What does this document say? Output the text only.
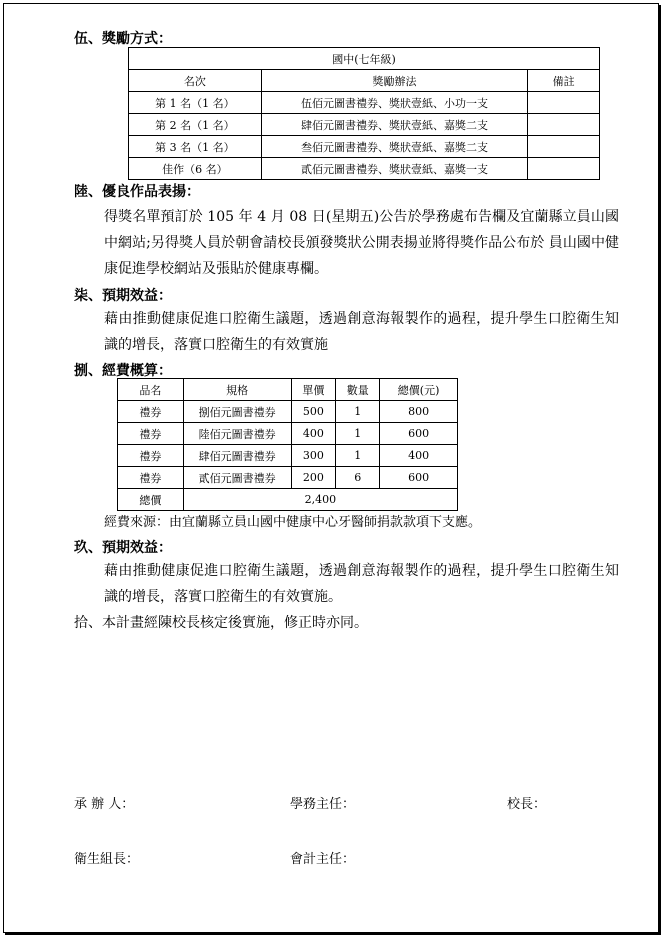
伍、獎勵方式：
國中(七年級)		
名次	獎勵辦法	備註
第 1 名（1 名）	伍佰元圖書禮券、獎狀壹紙、小功一支	
第 2 名（1 名）	肆佰元圖書禮券、獎狀壹紙、嘉獎二支	
第 3 名（1 名）	叁佰元圖書禮券、獎狀壹紙、嘉獎二支	
佳作（6 名）	貳佰元圖書禮券、獎狀壹紙、嘉獎一支	
陸、優良作品表揚：
得獎名單預訂於 105 年 4 月 08 日(星期五)公告於學務處布告欄及宜蘭縣立員山國中網站;另得獎人員於朝會請校長頒發獎狀公開表揚並將得獎作品公布於 員山國中健康促進學校網站及張貼於健康專欄。
柒、預期效益：
藉由推動健康促進口腔衛生議題，透過創意海報製作的過程，提升學生口腔衛生知識的增長，落實口腔衛生的有效實施
捌、經費概算：
品名	規格	單價	數量	總價(元)
禮券	捌佰元圖書禮券	500	1	800
禮券	陸佰元圖書禮券	400	1	600
禮券	肆佰元圖書禮券	300	1	400
禮券	貳佰元圖書禮券	200	6	600
總價	2,400			
經費來源：由宜蘭縣立員山國中健康中心牙醫師捐款款項下支應。
玖、預期效益：
藉由推動健康促進口腔衛生議題，透過創意海報製作的過程，提升學生口腔衛生知識的增長，落實口腔衛生的有效實施。
拾、本計畫經陳校長核定後實施，修正時亦同。
承 辦 人：	學務主任：	校長：
衛生組長：	會計主任：
